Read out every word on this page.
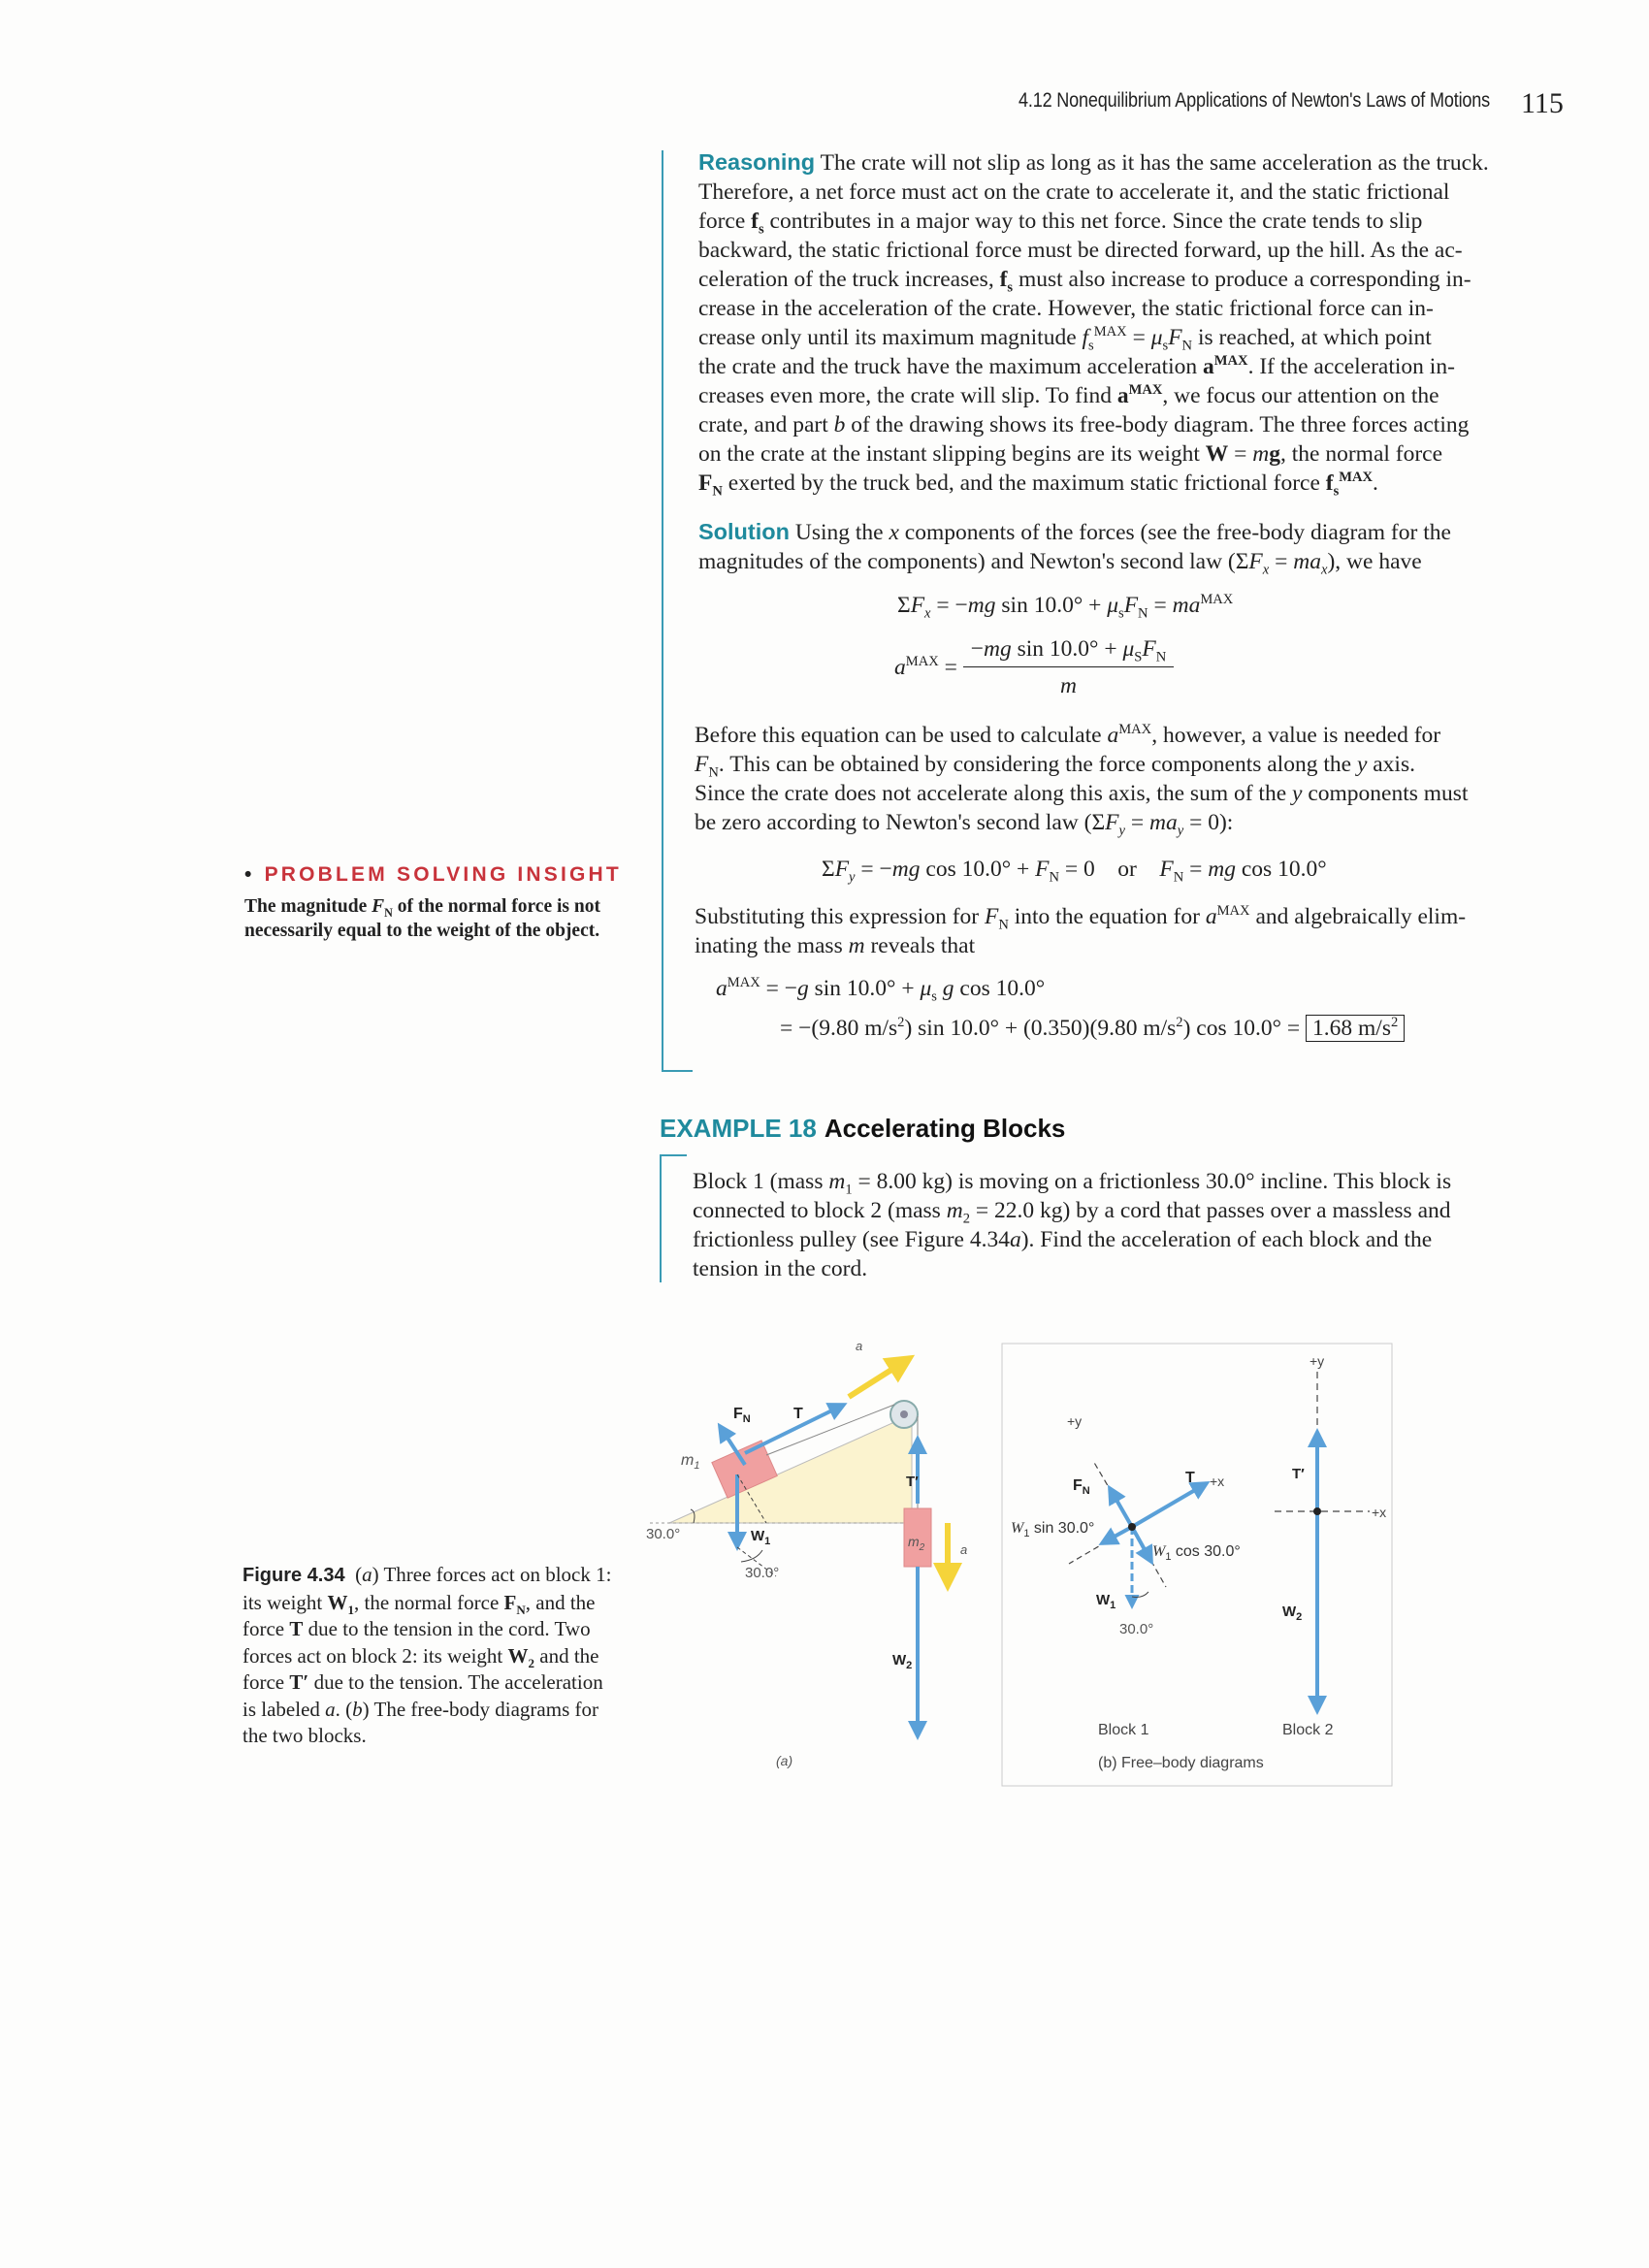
4.12 Nonequilibrium Applications of Newton's Laws of Motions 115
Reasoning The crate will not slip as long as it has the same acceleration as the truck.
Therefore, a net force must act on the crate to accelerate it, and the static frictional
force $f_s$ contributes in a major way to this net force. Since the crate tends to slip
backward, the static frictional force must be directed forward, up the hill. As the ac-
celeration of the truck increases, $f_s$ must also increase to produce a corresponding in-
crease in the acceleration of the crate. However, the static frictional force can in-
crease only until its maximum magnitude $f_s^{MAX} = \mu_sF_N$ is reached, at which point
the crate and the truck have the maximum acceleration $a^{MAX}$. If the acceleration in-
creases even more, the crate will slip. To find $a^{MAX}$, we focus our attention on the
crate, and part b of the drawing shows its free-body diagram. The three forces acting
on the crate at the instant slipping begins are its weight W = mg, the normal force
$F_N$ exerted by the truck bed, and the maximum static frictional force $f_s^{MAX}$.
Solution Using the x components of the forces (see the free-body diagram for the
magnitudes of the components) and Newton's second law $(\Sigma F_x = ma_x)$, we have
$\Sigma F_x = -mg$ $\sin 10.0^\circ + \mu_sF_N = ma^{MAX}$
$a^{MAX} = \frac{-mg \sin 10.0^\circ + \mu_SF_N}{m}$
Before this equation can be used to calculate $a^{MAX}$, however, a value is needed for
$F_N$. This can be obtained by considering the force components along the y axis.
Since the crate does not accelerate along this axis, the sum of the y components must
be zero according to Newton's second law $(\Sigma F_y = ma_y = 0)$:
$\Sigma F_y = -mg$ $\cos 10.0^\circ + F_N = 0$    or    $F_N$ = mg cos 10.0°
Substituting this expression for $F_N$ into the equation for $a^{MAX}$ and algebraically elim-
inating the mass m reveals that
$a^{MAX} = -g$ $\sin 10.0^\circ + \mu_s$ g cos 10.0°
= −(9.80 $m/s^2$) sin 10.0° + (0.350)(9.80 $m/s^2$) cos 10.0° = 1.68 $m/s^2$
• PROBLEM SOLVING INSIGHT
The magnitude $F_N$ of the normal force is not necessarily equal to the weight of the object.
EXAMPLE 18 Accelerating Blocks
Block 1 (mass $m_1 = 8.00$ kg) is moving on a frictionless 30.0° incline. This block is
connected to block 2 (mass $m_2 = 22.0$ kg) by a cord that passes over a massless and
frictionless pulley (see Figure 4.34a). Find the acceleration of each block and the
tension in the cord.
Figure 4.34 (a) Three forces act on block 1: its weight $W_1$, the normal force $F_N$, and the force T due to the tension in the cord. Two forces act on block 2: its weight $W_2$ and the force T′ due to the tension. The acceleration is labeled a. (b) The free-body diagrams for the two blocks.
a
$m_1$
$F_N$	T
T′
$W_1$
$W_2$
$m_2$	a
30.0°
30.0°
(a)
+y
+x
$F_N$
T
$W_1$ sin 30.0°
$W_1$ cos 30.0°
$W_1$
30.0°
+y
+x
T′
$W_2$
Block 1	Block 2
(b) Free–body diagrams
